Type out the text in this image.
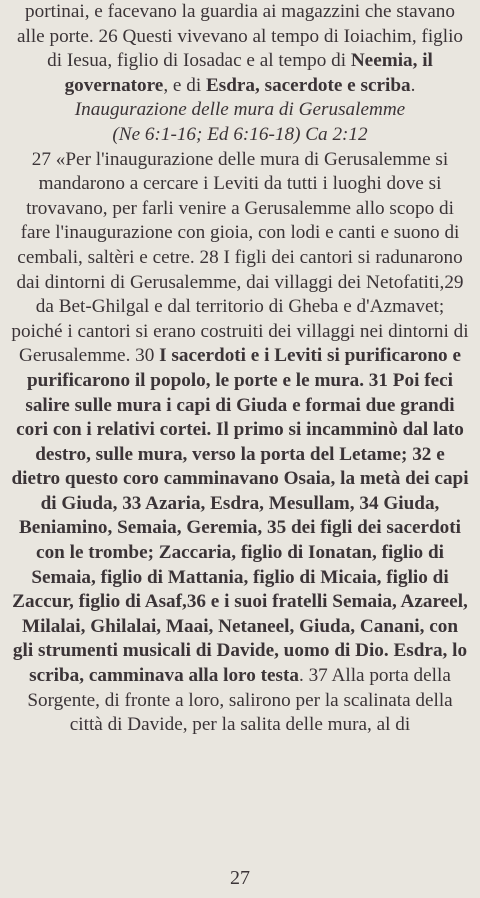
portinai, e facevano la guardia ai magazzini che stavano alle porte. 26 Questi vivevano al tempo di Ioiachim, figlio di Iesua, figlio di Iosadac e al tempo di Neemia, il governatore, e di Esdra, sacerdote e scriba.

Inaugurazione delle mura di Gerusalemme

(Ne 6:1-16; Ed 6:16-18) Ca 2:12

27 «Per l'inaugurazione delle mura di Gerusalemme si mandarono a cercare i Leviti da tutti i luoghi dove si trovavano, per farli venire a Gerusalemme allo scopo di fare l'inaugurazione con gioia, con lodi e canti e suono di cembali, saltèri e cetre. 28 I figli dei cantori si radunarono dai dintorni di Gerusalemme, dai villaggi dei Netofatiti,29 da Bet-Ghilgal e dal territorio di Gheba e d'Azmavet; poiché i cantori si erano costruiti dei villaggi nei dintorni di Gerusalemme. 30 I sacerdoti e i Leviti si purificarono e purificarono il popolo, le porte e le mura. 31 Poi feci salire sulle mura i capi di Giuda e formai due grandi cori con i relativi cortei. Il primo si incamminò dal lato destro, sulle mura, verso la porta del Letame; 32 e dietro questo coro camminavano Osaia, la metà dei capi di Giuda, 33 Azaria, Esdra, Mesullam, 34 Giuda, Beniamino, Semaia, Geremia, 35 dei figli dei sacerdoti con le trombe; Zaccaria, figlio di Ionatan, figlio di Semaia, figlio di Mattania, figlio di Micaia, figlio di Zaccur, figlio di Asaf,36 e i suoi fratelli Semaia, Azareel, Milalai, Ghilalai, Maai, Netaneel, Giuda, Canani, con gli strumenti musicali di Davide, uomo di Dio. Esdra, lo scriba, camminava alla loro testa. 37 Alla porta della Sorgente, di fronte a loro, salirono per la scalinata della città di Davide, per la salita delle mura, al di

27
